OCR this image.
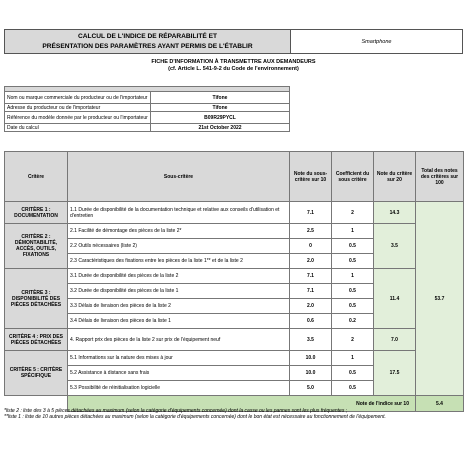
CALCUL DE L'INDICE DE RÉPARABILITÉ ET
PRÉSENTATION DES PARAMÈTRES AYANT PERMIS DE L'ÉTABLIR
	Smartphone
FICHE D'INFORMATION À TRANSMETTRE AUX DEMANDEURS
(cf. Article L. 541-9-2 du Code de l'environnement)

Nom ou marque commerciale du producteur ou de l'importateur	Tifone
Adresse du producteur ou de l'importateur	Tifone
Référence du modèle donnée par le producteur ou l'importateur	B09R29PYCL
Date du calcul	21st October 2022
Critère	Sous-critère	Note du sous-critère sur 10	Coefficient du sous critère	Note du critère sur 20	Total des notes des critères sur 100
CRITÈRE 1 : DOCUMENTATION	1.1 Durée de disponibilité de la documentation technique et relative aux conseils d'utilisation et d'entretien	7.1	2	14.3	53.7
CRITÈRE 2 : DÉMONTABILITÉ, ACCÈS, OUTILS, FIXATIONS	2.1 Facilité de démontage des pièces de la liste 2*	2.5	1	3.5	
	2.2 Outils nécessaires (liste 2)	0	0.5		
	2.3 Caractéristiques des fixations entre les pièces de la liste 1** et de la liste 2	2.0	0.5		
CRITÈRE 3 : DISPONIBILITÉ DES PIÈCES DÉTACHÉES	3.1 Durée de disponibilité des pièces de la liste 2	7.1	1	11.4	
	3.2 Durée de disponibilité des pièces de la liste 1	7.1	0.5		
	3.3 Délais de livraison des pièces de la liste 2	2.0	0.5		
	3.4 Délais de livraison des pièces de la liste 1	0.6	0.2		
CRITÈRE 4 : PRIX DES PIÈCES DÉTACHÉES	4. Rapport prix des pièces de la liste 2 sur prix de l'équipement neuf	3.5	2	7.0	
CRITÈRE 5 : CRITÈRE SPÉCIFIQUE	5.1 Informations sur la nature des mises à jour	10.0	1	17.5	
	5.2 Assistance à distance sans frais	10.0	0.5		
	5.3 Possibilité de réinitialisation logicielle	5.0	0.5		
	Note de l'indice sur 10				5.4
*liste 2 : liste des 3 à 5 pièces détachées au maximum (selon la catégorie d'équipements concernée) dont la casse ou les pannes sont les plus fréquentes ;
**liste 1 : liste de 10 autres pièces détachées au maximum (selon la catégorie d'équipements concernée) dont le bon état est nécessaire au fonctionnement de l'équipement.
